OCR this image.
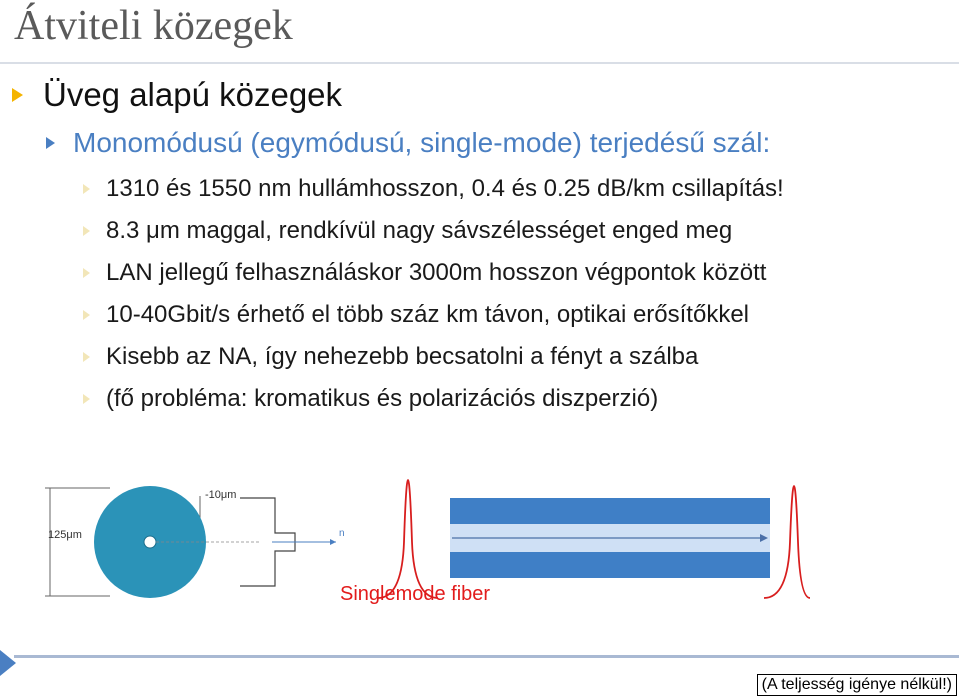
Átviteli közegek
Üveg alapú közegek
Monomódusú (egymódusú, single-mode) terjedésű szál:
1310 és 1550 nm hullámhosszon, 0.4 és 0.25 dB/km csillapítás!
8.3 μm maggal, rendkívül nagy sávszélességet enged meg
LAN jellegű felhasználáskor 3000m hosszon végpontok között
10-40Gbit/s érhető el több száz km távon, optikai erősítőkkel
Kisebb az NA, így nehezebb becsatolni a fényt a szálba
(fő probléma: kromatikus és polarizációs diszperzió)
125μm
-10μm
n
Singlemode fiber
(A teljesség igénye nélkül!)
